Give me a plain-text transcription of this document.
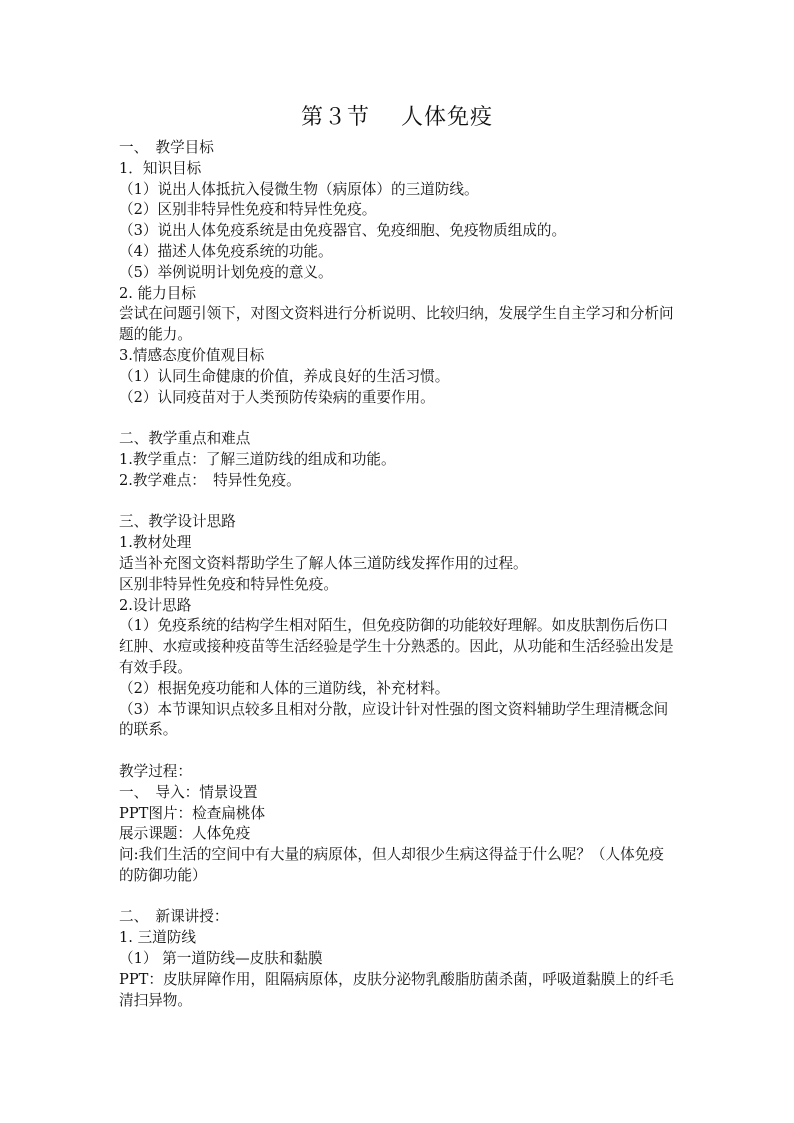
第３节　 人体免疫
一、　教学目标
1．知识目标
（1）说出人体抵抗入侵微生物（病原体）的三道防线。
（2）区别非特异性免疫和特异性免疫。
（3）说出人体免疫系统是由免疫器官、免疫细胞、免疫物质组成的。
（4）描述人体免疫系统的功能。
（5）举例说明计划免疫的意义。
2. 能力目标
尝试在问题引领下，对图文资料进行分析说明、比较归纳，发展学生自主学习和分析问题的能力。
3.情感态度价值观目标
（1）认同生命健康的价值，养成良好的生活习惯。
（2）认同疫苗对于人类预防传染病的重要作用。
二、教学重点和难点
1.教学重点：了解三道防线的组成和功能。
2.教学难点：　特异性免疫。
三、教学设计思路
1.教材处理
适当补充图文资料帮助学生了解人体三道防线发挥作用的过程。
区别非特异性免疫和特异性免疫。
2.设计思路
（1）免疫系统的结构学生相对陌生，但免疫防御的功能较好理解。如皮肤割伤后伤口红肿、水痘或接种疫苗等生活经验是学生十分熟悉的。因此，从功能和生活经验出发是有效手段。
（2）根据免疫功能和人体的三道防线，补充材料。
（3）本节课知识点较多且相对分散，应设计针对性强的图文资料辅助学生理清概念间的联系。
教学过程：
一、　导入：情景设置
PPT图片：检查扁桃体
展示课题：人体免疫
问:我们生活的空间中有大量的病原体，但人却很少生病这得益于什么呢？（人体免疫的防御功能）
二、　新课讲授：
1. 三道防线
（1） 第一道防线—皮肤和黏膜
PPT：皮肤屏障作用，阻隔病原体，皮肤分泌物乳酸脂肪菌杀菌，呼吸道黏膜上的纤毛清扫异物。
